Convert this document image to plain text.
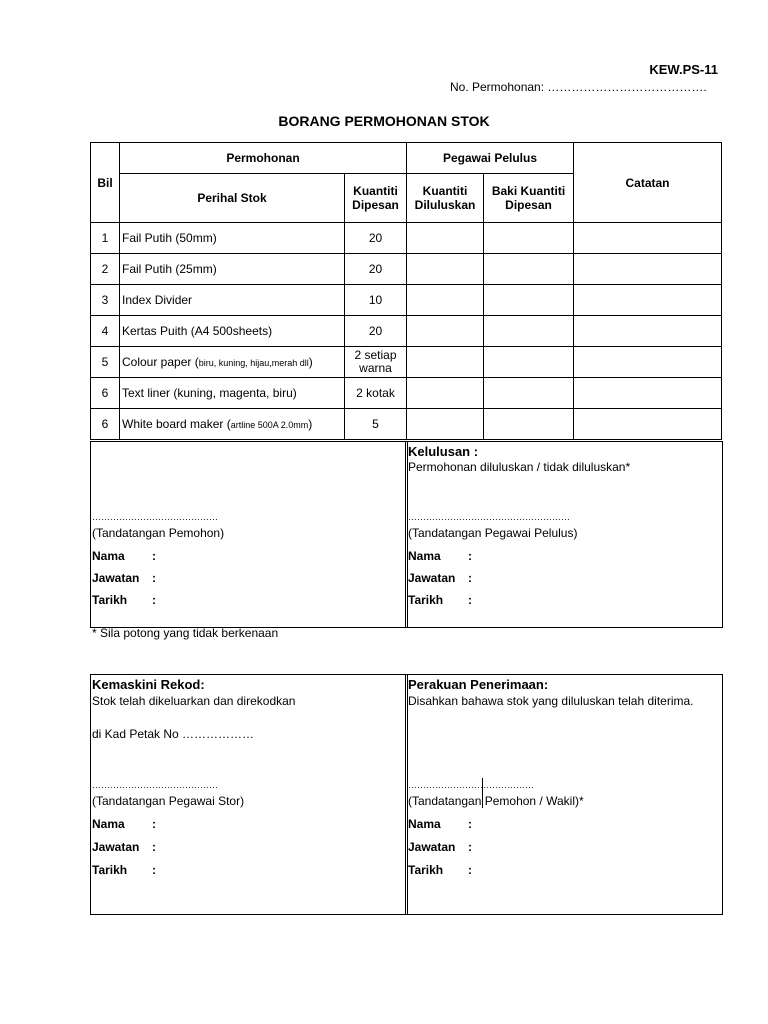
KEW.PS-11
No. Permohonan: ………………………………….
BORANG PERMOHONAN STOK
Bil	Permohonan		Pegawai Pelulus		Catatan
	Perihal Stok	Kuantiti Dipesan	Kuantiti Diluluskan	Baki Kuantiti Dipesan	
1	Fail Putih (50mm)	20			
2	Fail Putih (25mm)	20			
3	Index Divider	10			
4	Kertas Puith (A4 500sheets)	20			
5	Colour paper (biru, kuning, hijau,merah dll)	2 setiap warna			
6	Text liner (kuning, magenta, biru)	2 kotak			
6	White board maker (artline 500A 2.0mm)	5			
Kelulusan :
Permohonan diluluskan / tidak diluluskan*
……………………………………
(Tandatangan Pemohon)
………………………………………………
(Tandatangan Pegawai Pelulus)
Nama :
Jawatan :
Tarikh :
Nama :
Jawatan :
Tarikh :
* Sila potong yang tidak berkenaan
Kemaskini Rekod:
Stok telah dikeluarkan dan direkodkan
di Kad Petak No ………………
Perakuan Penerimaan:
Disahkan bahawa stok yang diluluskan telah diterima.
……………………………………
(Tandatangan Pegawai Stor)
……………………………………
(Tandatangan Pemohon / Wakil)*
Nama :
Jawatan :
Tarikh :
Nama :
Jawatan :
Tarikh :
